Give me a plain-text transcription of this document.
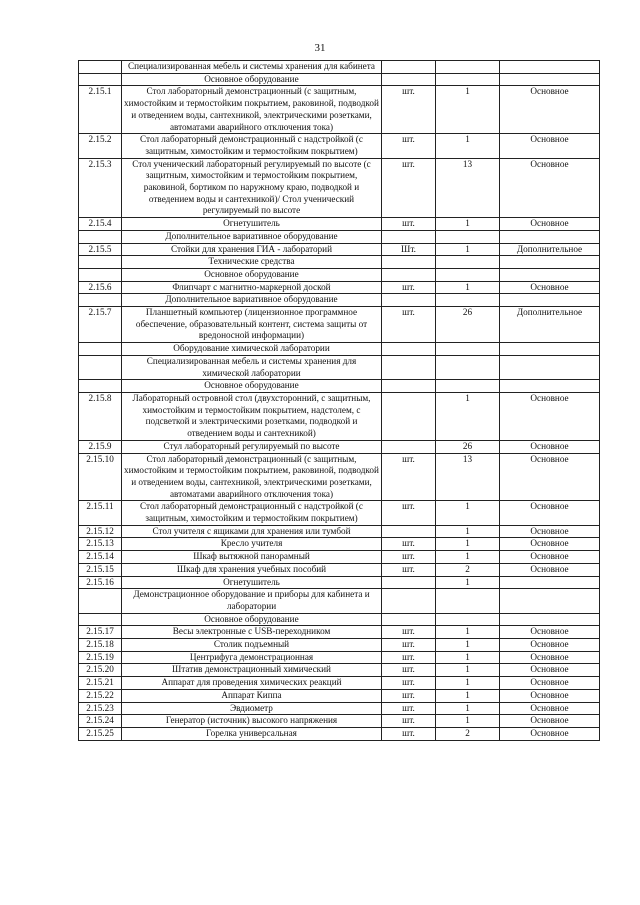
31
	Специализированная мебель и системы хранения для кабинета			
	Основное оборудование			
2.15.1	Стол лабораторный демонстрационный (с защитным, химостойким и термостойким покрытием, раковиной, подводкой и отведением воды, сантехникой, электрическими розетками, автоматами аварийного отключения тока)	шт.	1	Основное
2.15.2	Стол лабораторный демонстрационный с надстройкой (с защитным, химостойким и термостойким покрытием)	шт.	1	Основное
2.15.3	Стол ученический лабораторный регулируемый по высоте (с защитным, химостойким и термостойким покрытием, раковиной, бортиком по наружному краю, подводкой и отведением воды и сантехникой)/ Стол ученический регулируемый по высоте	шт.	13	Основное
2.15.4	Огнетушитель	шт.	1	Основное
	Дополнительное вариативное оборудование			
2.15.5	Стойки для хранения ГИА - лабораторий	Шт.	1	Дополнительное
	Технические средства			
	Основное оборудование			
2.15.6	Флипчарт с магнитно-маркерной доской	шт.	1	Основное
	Дополнительное вариативное оборудование			
2.15.7	Планшетный компьютер (лицензионное программное обеспечение, образовательный контент, система защиты от вредоносной информации)	шт.	26	Дополнительное
	Оборудование химической лаборатории			
	Специализированная мебель и системы хранения для химической лаборатории			
	Основное оборудование			
2.15.8	Лабораторный островной стол (двухсторонний, с защитным, химостойким и термостойким покрытием, надстолем, с подсветкой и электрическими розетками, подводкой и отведением воды и сантехникой)		1	Основное
2.15.9	Стул лабораторный регулируемый по высоте		26	Основное
2.15.10	Стол лабораторный демонстрационный (с защитным, химостойким и термостойким покрытием, раковиной, подводкой и отведением воды, сантехникой, электрическими розетками, автоматами аварийного отключения тока)	шт.	13	Основное
2.15.11	Стол лабораторный демонстрационный с надстройкой (с защитным, химостойким и термостойким покрытием)	шт.	1	Основное
2.15.12	Стол учителя с ящиками для хранения или тумбой		1	Основное
2.15.13	Кресло учителя	шт.	1	Основное
2.15.14	Шкаф вытяжной панорамный	шт.	1	Основное
2.15.15	Шкаф для хранения учебных пособий	шт.	2	Основное
2.15.16	Огнетушитель		1	
	Демонстрационное оборудование и приборы для кабинета и лаборатории			
	Основное оборудование			
2.15.17	Весы электронные с USB-переходником	шт.	1	Основное
2.15.18	Столик подъемный	шт.	1	Основное
2.15.19	Центрифуга демонстрационная	шт.	1	Основное
2.15.20	Штатив демонстрационный химический	шт.	1	Основное
2.15.21	Аппарат для проведения химических реакций	шт.	1	Основное
2.15.22	Аппарат Киппа	шт.	1	Основное
2.15.23	Эвдиометр	шт.	1	Основное
2.15.24	Генератор (источник) высокого напряжения	шт.	1	Основное
2.15.25	Горелка универсальная	шт.	2	Основное
